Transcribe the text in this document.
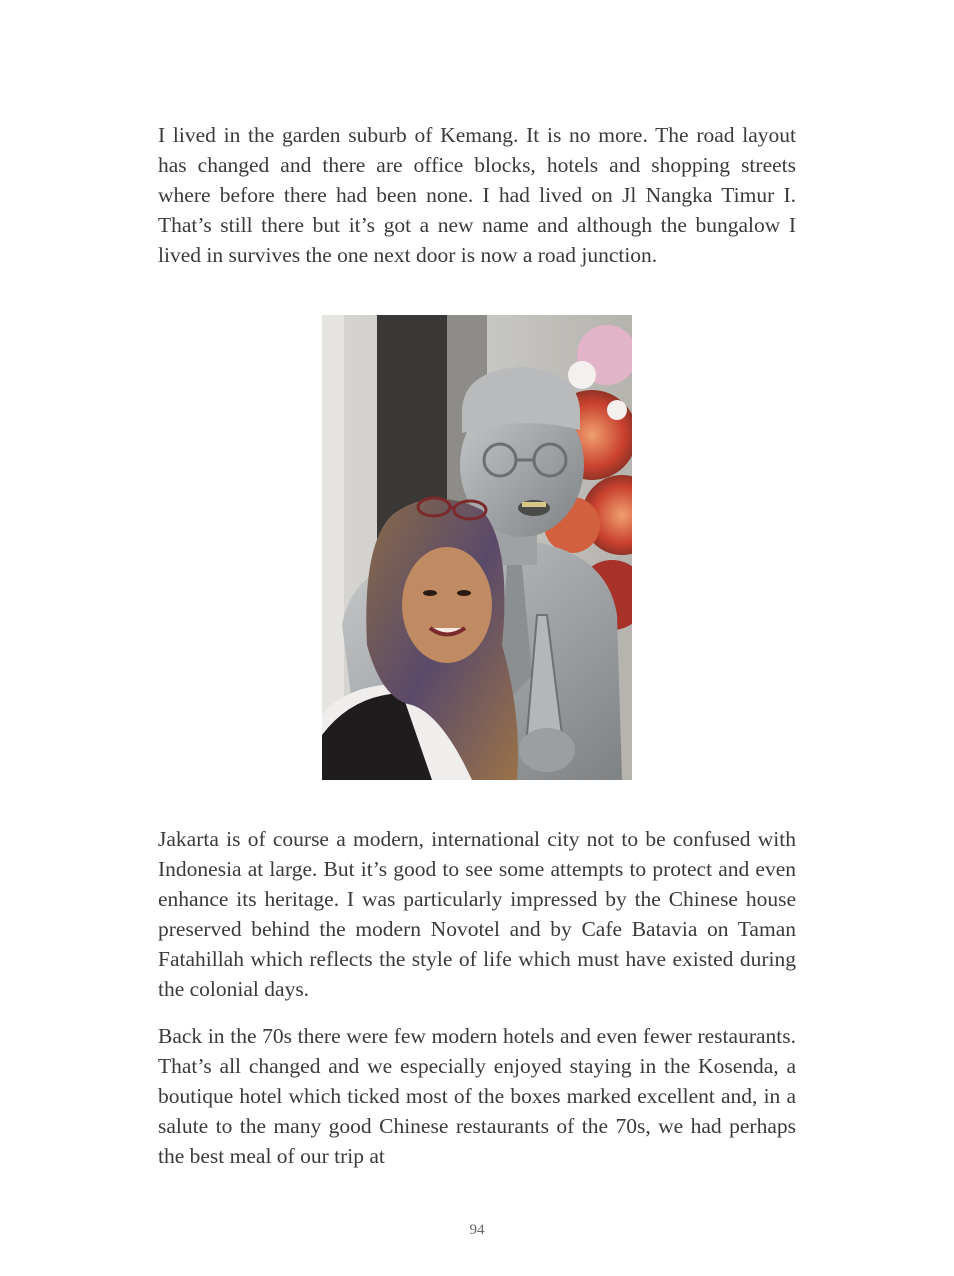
I lived in the garden suburb of Kemang. It is no more. The road layout has changed and there are office blocks, hotels and shopping streets where before there had been none. I had lived on Jl Nangka Timur I. That’s still there but it’s got a new name and although the bungalow I lived in survives the one next door is now a road junction.

Jakarta is of course a modern, international city not to be confused with Indonesia at large. But it’s good to see some attempts to protect and even enhance its heritage. I was particularly impressed by the Chinese house preserved behind the modern Novotel and by Cafe Batavia on Taman Fatahillah which reflects the style of life which must have existed during the colonial days.

Back in the 70s there were few modern hotels and even fewer restaurants. That’s all changed and we especially enjoyed staying in the Kosenda, a boutique hotel which ticked most of the boxes marked excellent and, in a salute to the many good Chinese restaurants of the 70s, we had perhaps the best meal of our trip at

94
